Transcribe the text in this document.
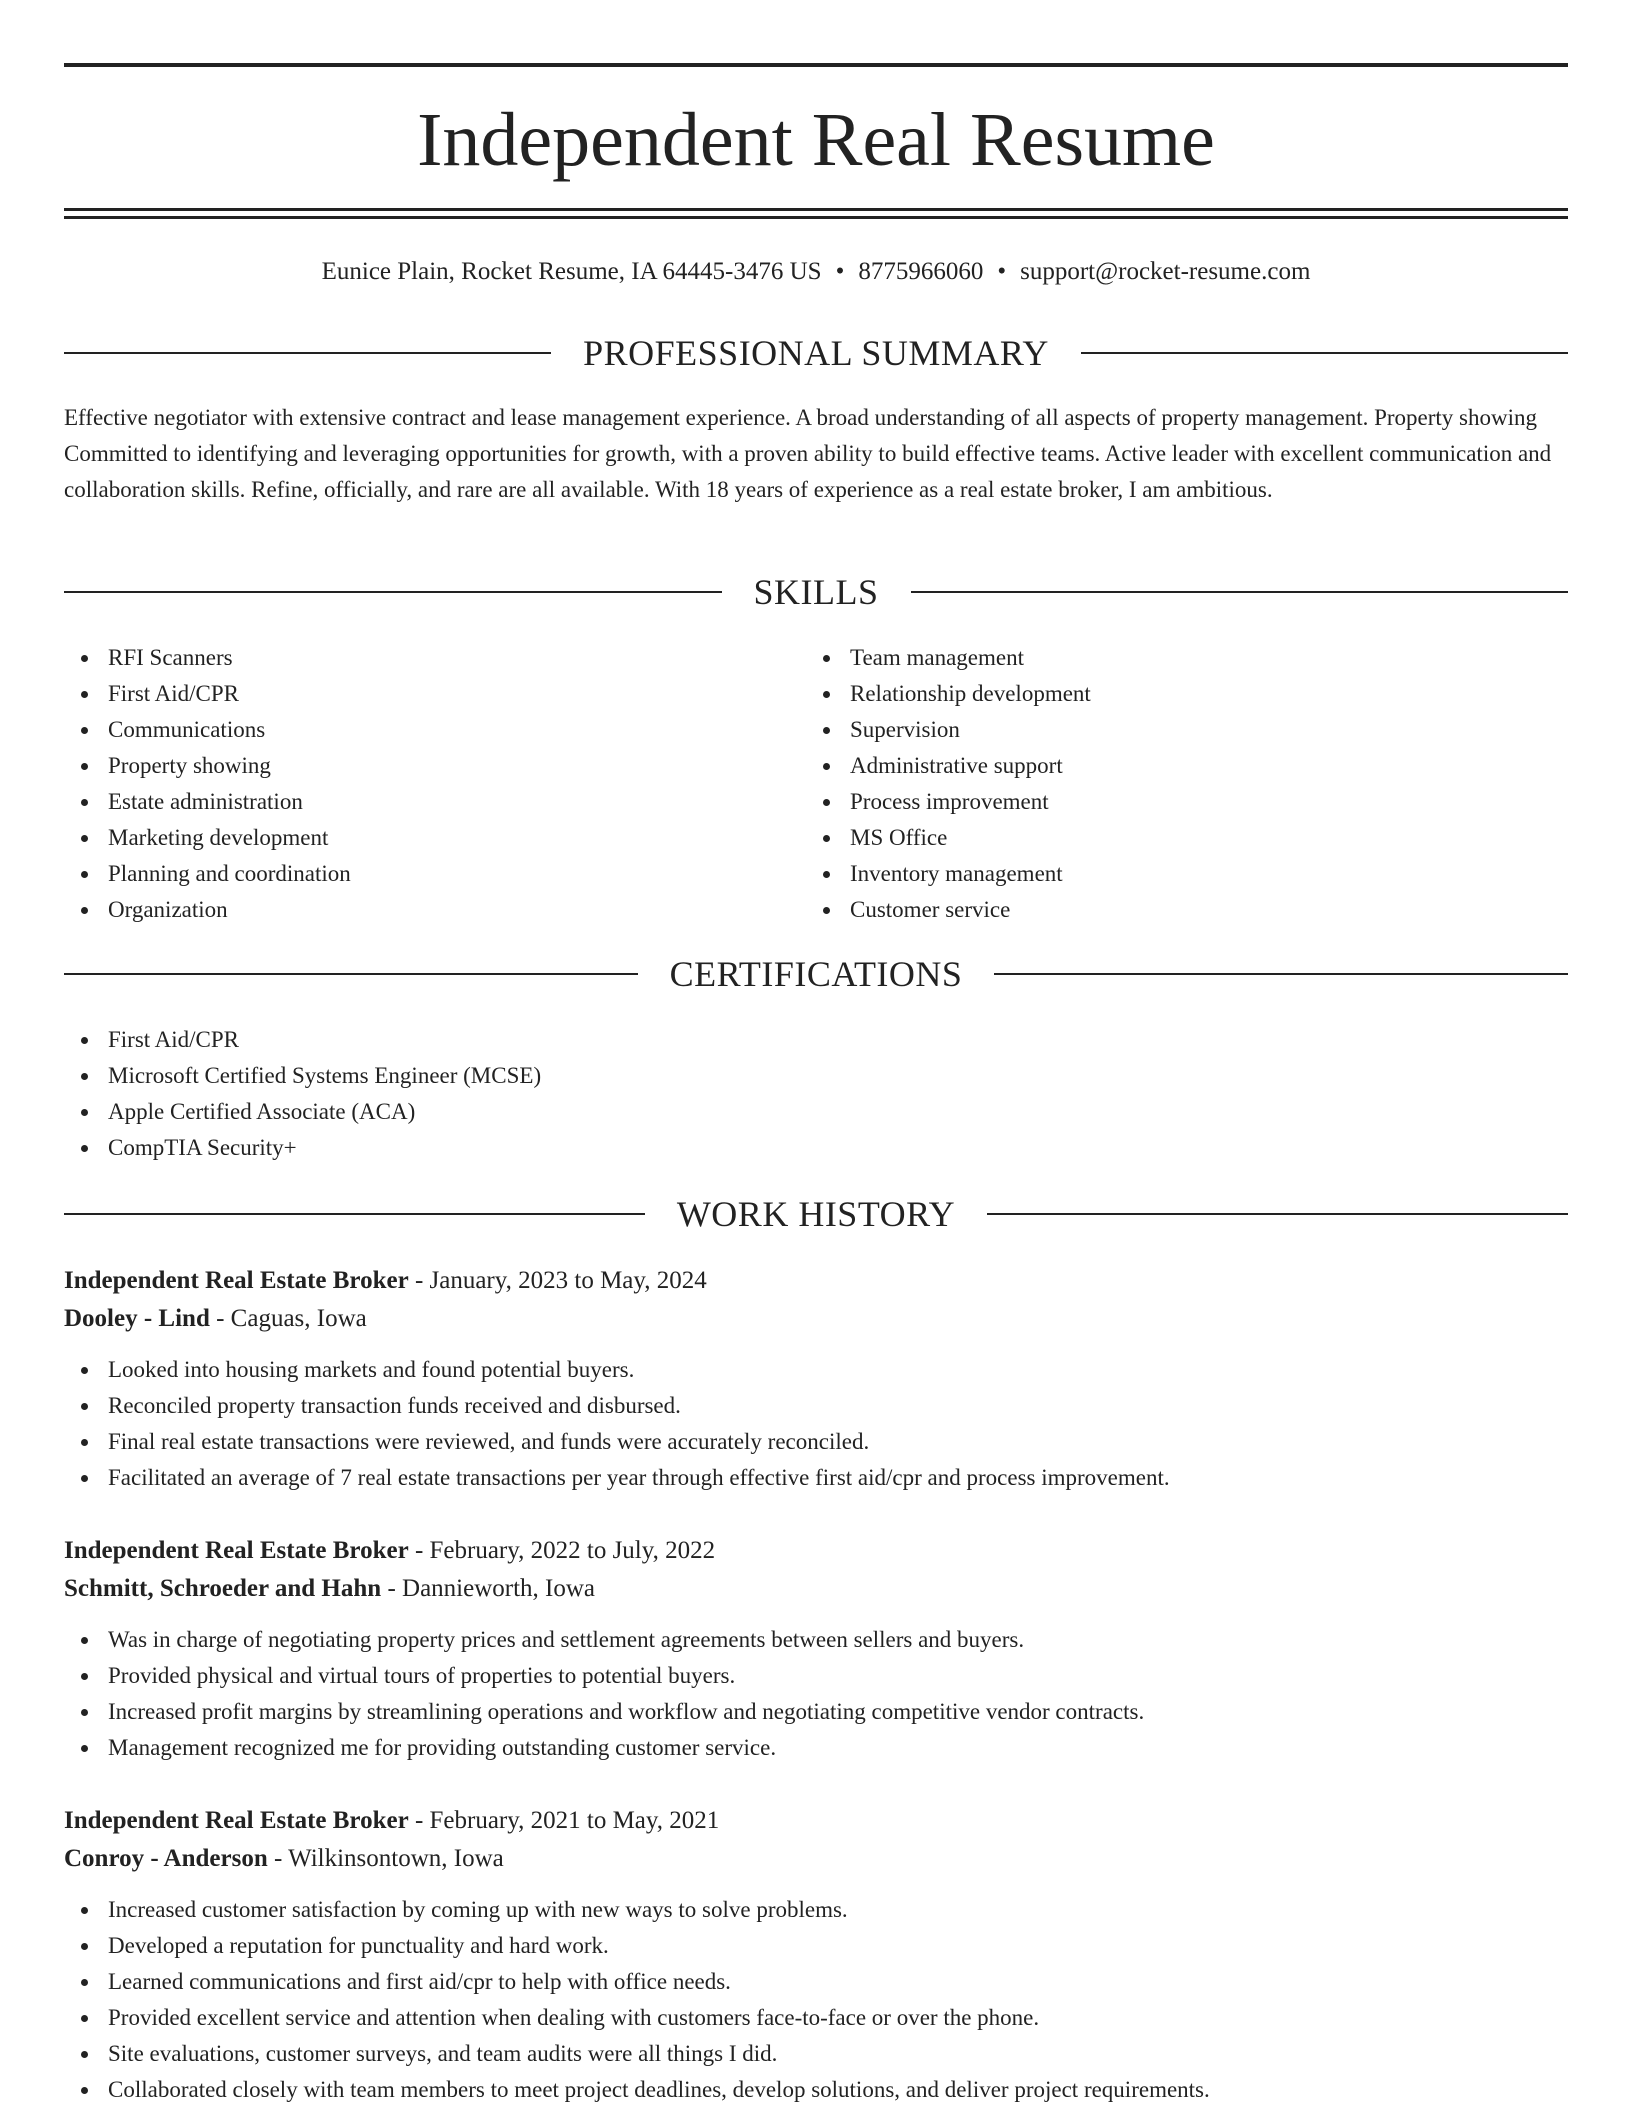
Independent Real Resume
Eunice Plain, Rocket Resume, IA 64445-3476 US • 8775966060 • support@rocket-resume.com
PROFESSIONAL SUMMARY

Effective negotiator with extensive contract and lease management experience. A broad understanding of all aspects of property management. Property showing Committed to identifying and leveraging opportunities for growth, with a proven ability to build effective teams. Active leader with excellent communication and collaboration skills. Refine, officially, and rare are all available. With 18 years of experience as a real estate broker, I am ambitious.

SKILLS
RFI Scanners
First Aid/CPR
Communications
Property showing
Estate administration
Marketing development
Planning and coordination
Organization
Team management
Relationship development
Supervision
Administrative support
Process improvement
MS Office
Inventory management
Customer service
CERTIFICATIONS
First Aid/CPR
Microsoft Certified Systems Engineer (MCSE)
Apple Certified Associate (ACA)
CompTIA Security+
WORK HISTORY

Independent Real Estate Broker - January, 2023 to May, 2024

Dooley - Lind - Caguas, Iowa

Looked into housing markets and found potential buyers.
Reconciled property transaction funds received and disbursed.
Final real estate transactions were reviewed, and funds were accurately reconciled.
Facilitated an average of 7 real estate transactions per year through effective first aid/cpr and process improvement.

Independent Real Estate Broker - February, 2022 to July, 2022

Schmitt, Schroeder and Hahn - Dannieworth, Iowa

Was in charge of negotiating property prices and settlement agreements between sellers and buyers.
Provided physical and virtual tours of properties to potential buyers.
Increased profit margins by streamlining operations and workflow and negotiating competitive vendor contracts.
Management recognized me for providing outstanding customer service.

Independent Real Estate Broker - February, 2021 to May, 2021

Conroy - Anderson - Wilkinsontown, Iowa

Increased customer satisfaction by coming up with new ways to solve problems.
Developed a reputation for punctuality and hard work.
Learned communications and first aid/cpr to help with office needs.
Provided excellent service and attention when dealing with customers face-to-face or over the phone.
Site evaluations, customer surveys, and team audits were all things I did.
Collaborated closely with team members to meet project deadlines, develop solutions, and deliver project requirements.
